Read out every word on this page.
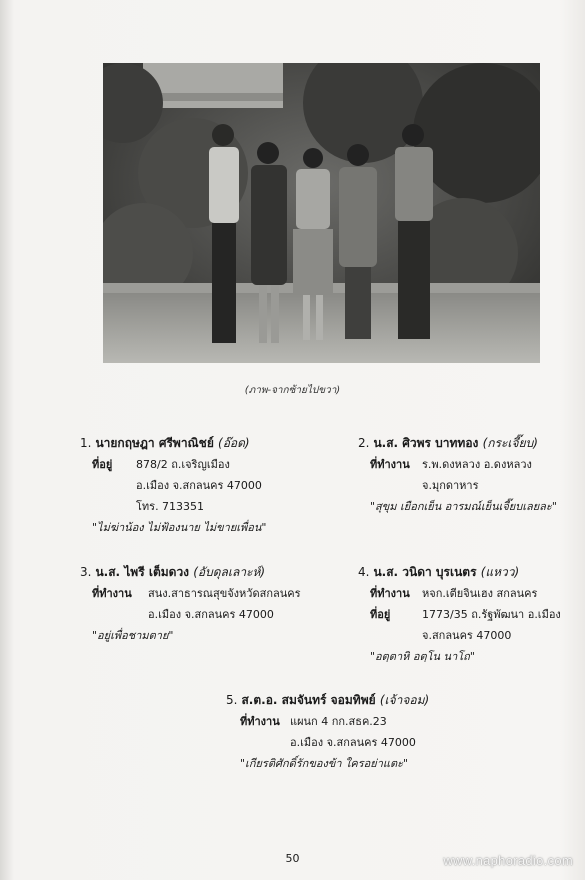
(ภาพ-จากซ้ายไปขวา)
1. นายกฤษฎา ศรีพาณิชย์ (อ๊อด)
ที่อยู่	878/2 ถ.เจริญเมือง
อ.เมือง จ.สกลนคร 47000
โทร. 713351
"ไม่ฆ่าน้อง ไม่ฟ้องนาย ไม่ขายเพื่อน"
2. น.ส. ศิวพร บาททอง (กระเจี๊ยบ)
ที่ทำงาน	ร.พ.ดงหลวง อ.ดงหลวง
จ.มุกดาหาร
"สุขุม เยือกเย็น อารมณ์เย็นเจี๊ยบเลยละ"
3. น.ส. ไพรี เต็มดวง (อับดุลเลาะห์)
ที่ทำงาน	สนง.สาธารณสุขจังหวัดสกลนคร
อ.เมือง จ.สกลนคร 47000
"อยู่เพื่อชามตาย"
4. น.ส. วนิดา บุรเนตร (แหวว)
ที่ทำงาน	หจก.เตียจินเฮง สกลนคร
ที่อยู่	1773/35 ถ.รัฐพัฒนา อ.เมือง
จ.สกลนคร 47000
"อตฺตาหิ อตฺโน นาโถ"
5. ส.ต.อ. สมจันทร์ จอมทิพย์ (เจ้าจอม)
ที่ทำงาน แผนก 4 กก.สธค.23
อ.เมือง จ.สกลนคร 47000
"เกียรติศักดิ์รักของข้า ใครอย่าแตะ"
50	www.naphoradio.com
